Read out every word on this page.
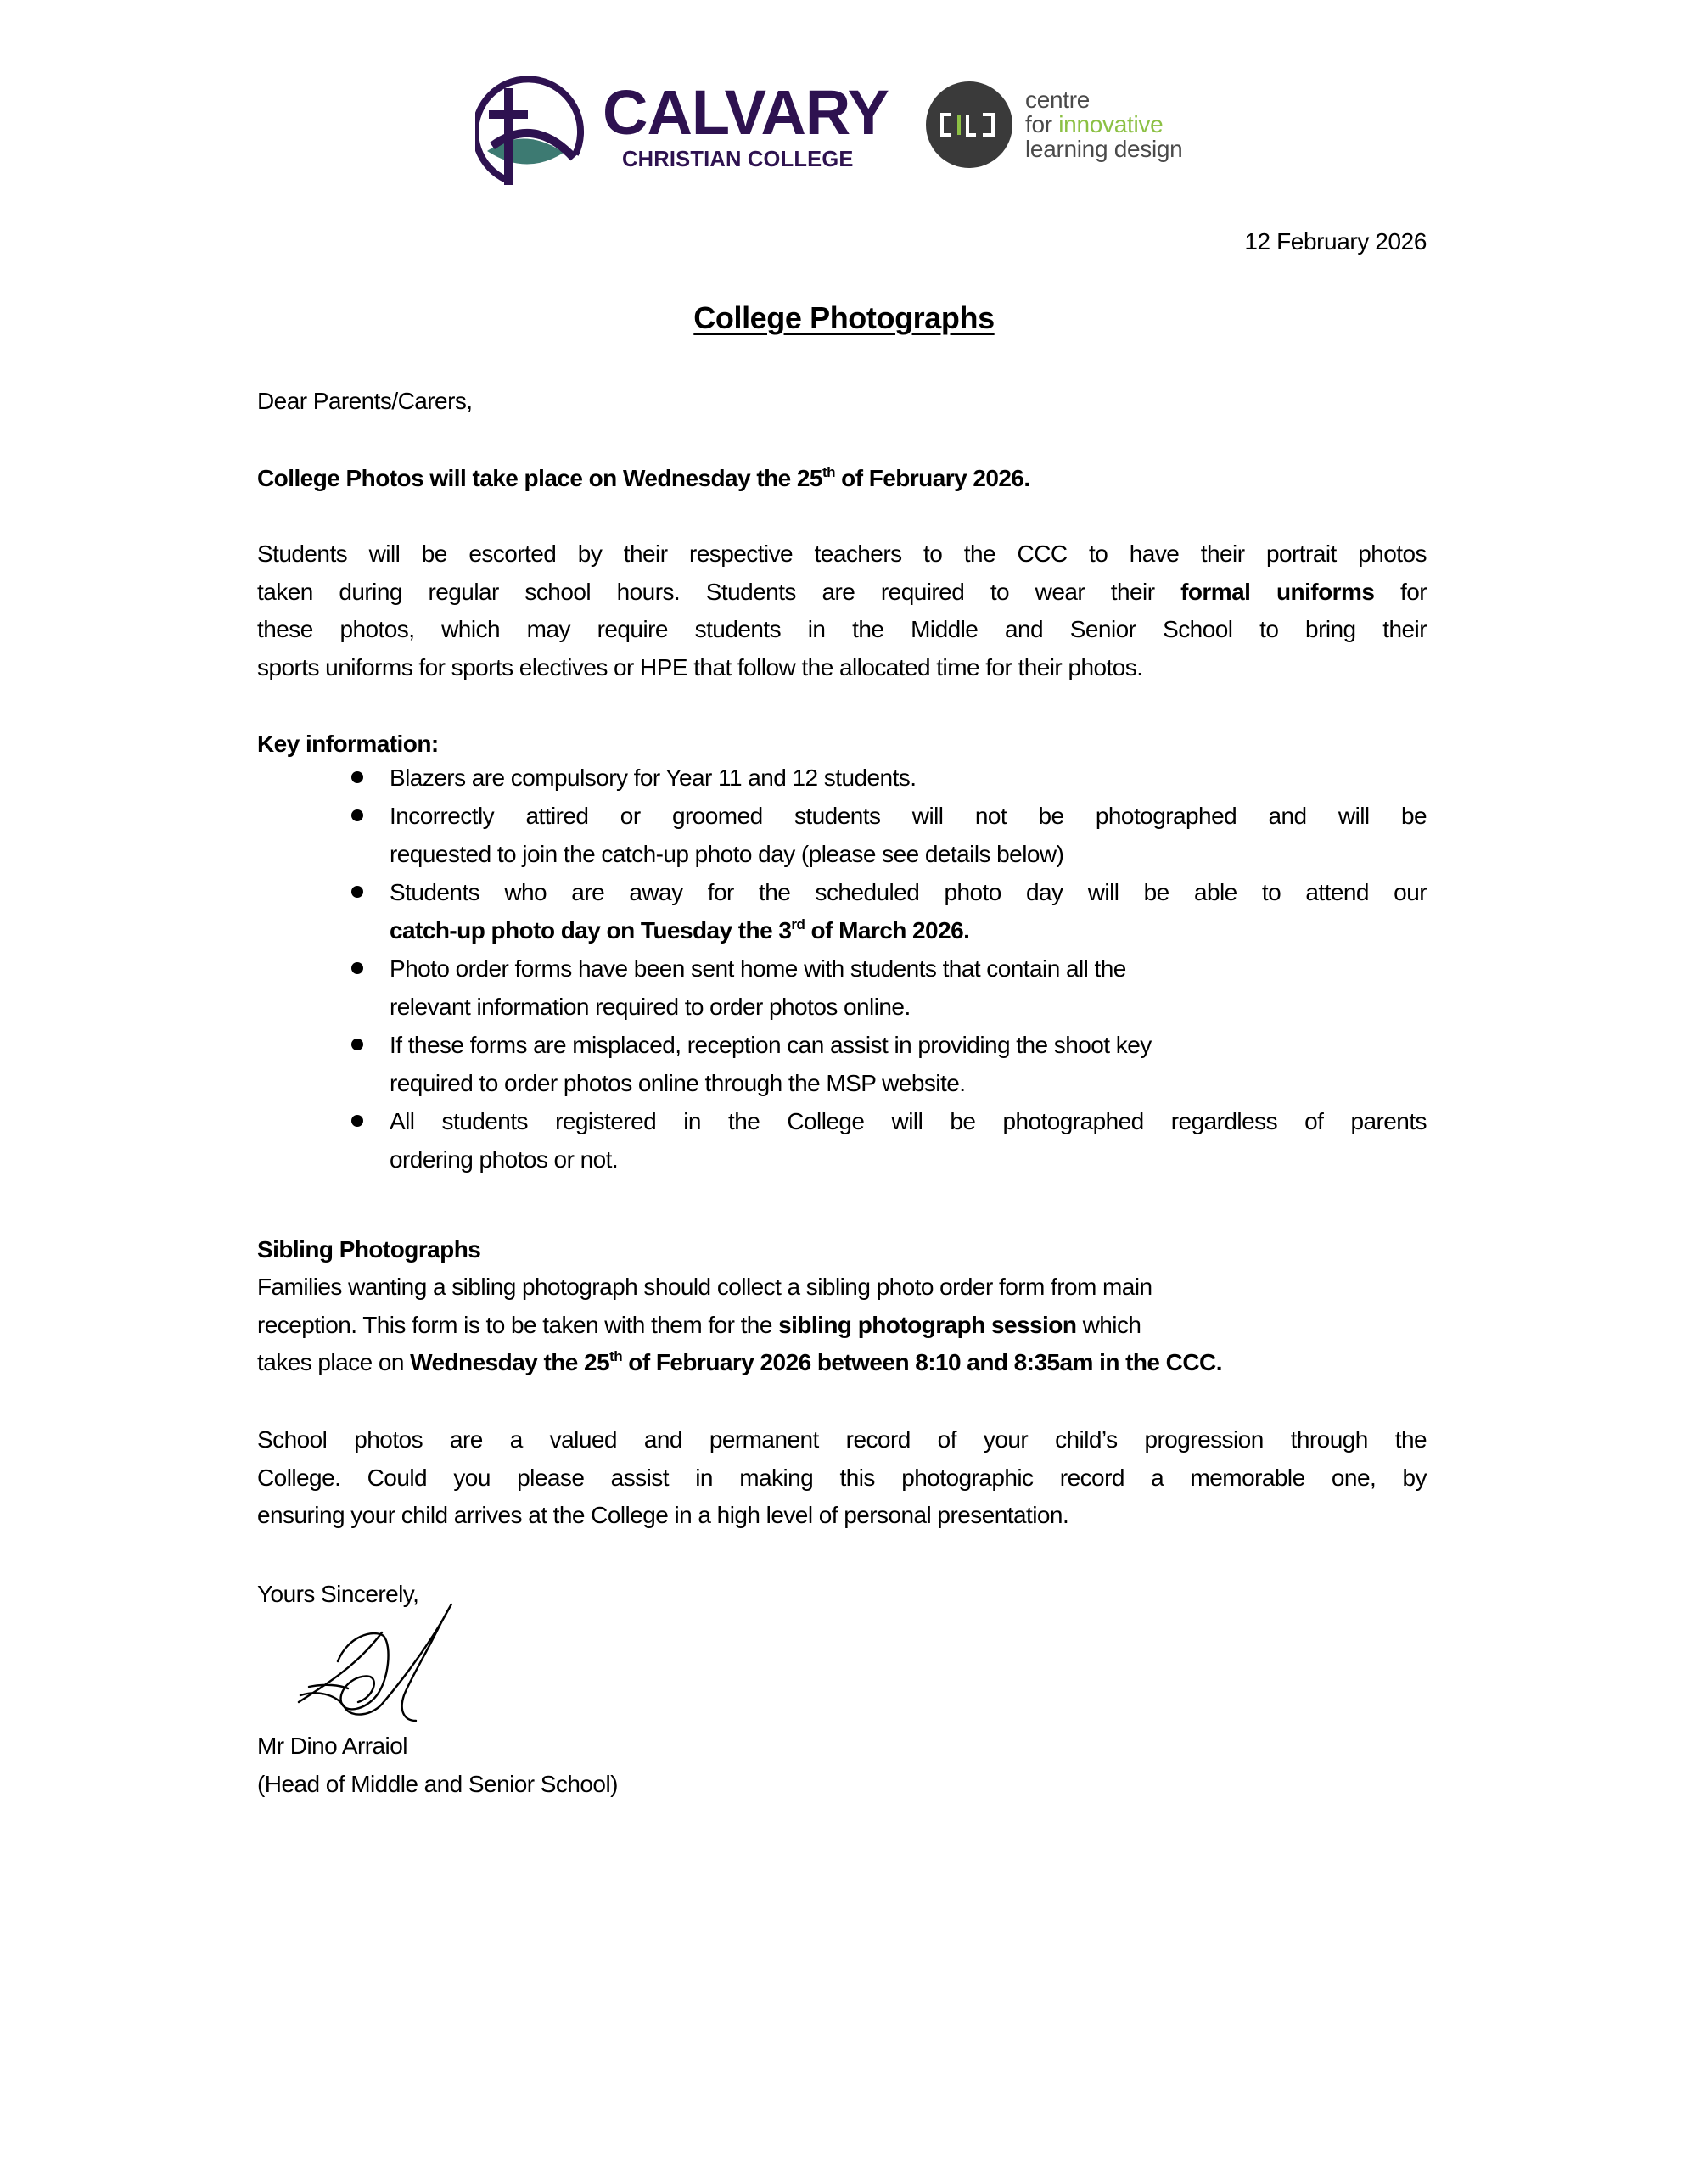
CALVARY
CHRISTIAN COLLEGE
centre
for innovative
learning design
12 February 2026
College Photographs
Dear Parents/Carers,
College Photos will take place on Wednesday the 25th of February 2026.
Students will be escorted by their respective teachers to the CCC to have their portrait photos
taken during regular school hours. Students are required to wear their formal uniforms for
these photos, which may require students in the Middle and Senior School to bring their
sports uniforms for sports electives or HPE that follow the allocated time for their photos.
Key information:
Blazers are compulsory for Year 11 and 12 students.
Incorrectly attired or groomed students will not be photographed and will be
requested to join the catch-up photo day (please see details below)
Students who are away for the scheduled photo day will be able to attend our
catch-up photo day on Tuesday the 3rd of March 2026.
Photo order forms have been sent home with students that contain all the
relevant information required to order photos online.
If these forms are misplaced, reception can assist in providing the shoot key
required to order photos online through the MSP website.
All students registered in the College will be photographed regardless of parents
ordering photos or not.
Sibling Photographs
Families wanting a sibling photograph should collect a sibling photo order form from main
reception. This form is to be taken with them for the sibling photograph session which
takes place on Wednesday the 25th of February 2026 between 8:10 and 8:35am in the CCC.
School photos are a valued and permanent record of your child’s progression through the
College. Could you please assist in making this photographic record a memorable one, by
ensuring your child arrives at the College in a high level of personal presentation.
Yours Sincerely,
Mr Dino Arraiol
(Head of Middle and Senior School)
